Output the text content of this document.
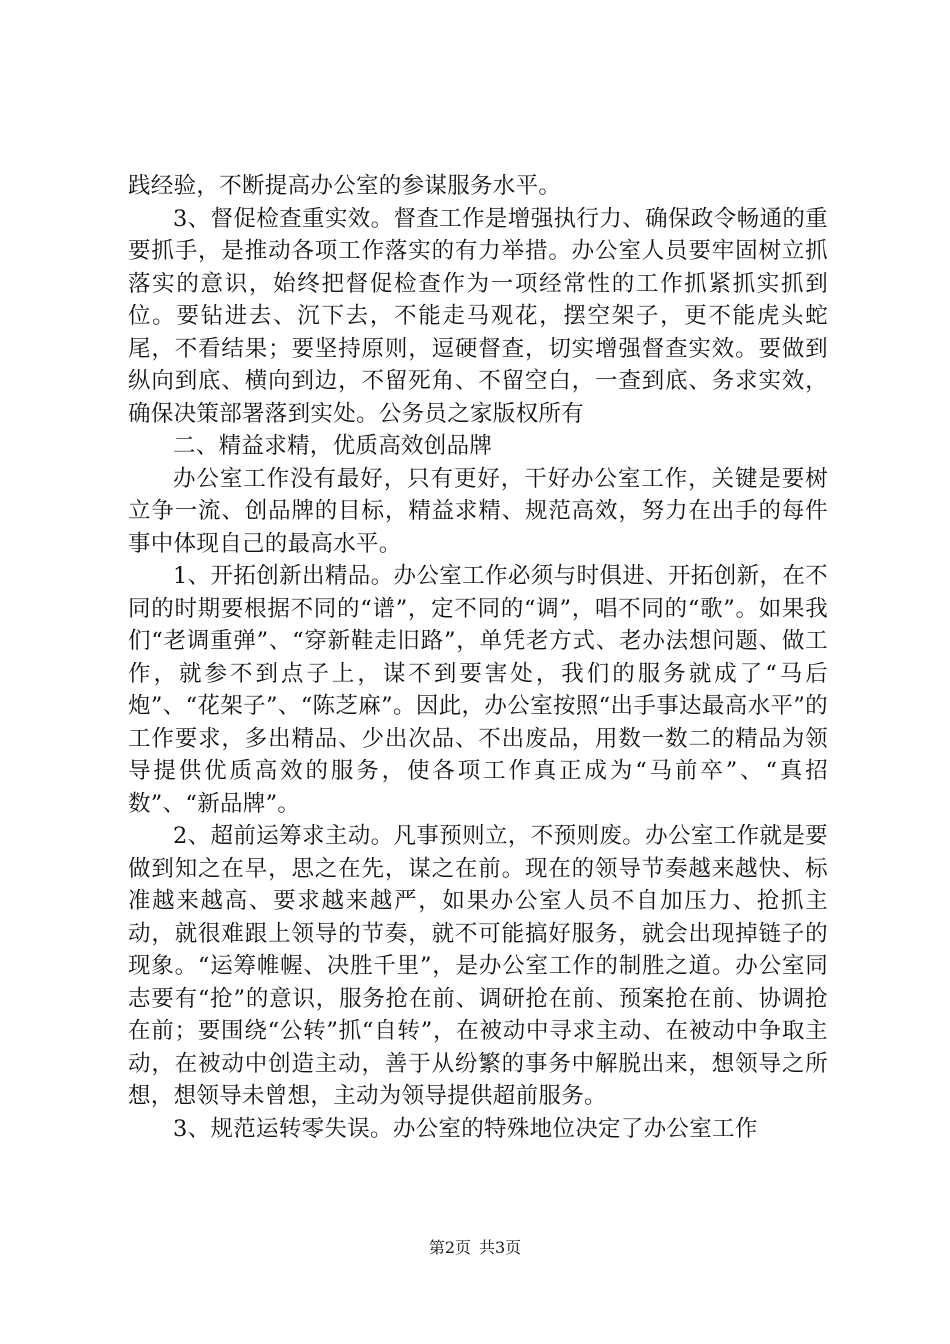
践经验，不断提高办公室的参谋服务水平。

3、督促检查重实效。督查工作是增强执行力、确保政令畅通的重要抓手，是推动各项工作落实的有力举措。办公室人员要牢固树立抓落实的意识，始终把督促检查作为一项经常性的工作抓紧抓实抓到位。要钻进去、沉下去，不能走马观花，摆空架子，更不能虎头蛇尾，不看结果；要坚持原则，逗硬督查，切实增强督查实效。要做到纵向到底、横向到边，不留死角、不留空白，一查到底、务求实效，确保决策部署落到实处。公务员之家版权所有

二、精益求精，优质高效创品牌

办公室工作没有最好，只有更好，干好办公室工作，关键是要树立争一流、创品牌的目标，精益求精、规范高效，努力在出手的每件事中体现自己的最高水平。

1、开拓创新出精品。办公室工作必须与时俱进、开拓创新，在不同的时期要根据不同的“谱”，定不同的“调”，唱不同的“歌”。如果我们“老调重弹”、“穿新鞋走旧路”，单凭老方式、老办法想问题、做工作，就参不到点子上，谋不到要害处，我们的服务就成了“马后炮”、“花架子”、“陈芝麻”。因此，办公室按照“出手事达最高水平”的工作要求，多出精品、少出次品、不出废品，用数一数二的精品为领导提供优质高效的服务，使各项工作真正成为“马前卒”、“真招数”、“新品牌”。

2、超前运筹求主动。凡事预则立，不预则废。办公室工作就是要做到知之在早，思之在先，谋之在前。现在的领导节奏越来越快、标准越来越高、要求越来越严，如果办公室人员不自加压力、抢抓主动，就很难跟上领导的节奏，就不可能搞好服务，就会出现掉链子的现象。“运筹帷幄、决胜千里”，是办公室工作的制胜之道。办公室同志要有“抢”的意识，服务抢在前、调研抢在前、预案抢在前、协调抢在前；要围绕“公转”抓“自转”，在被动中寻求主动、在被动中争取主动，在被动中创造主动，善于从纷繁的事务中解脱出来，想领导之所想，想领导未曾想，主动为领导提供超前服务。

3、规范运转零失误。办公室的特殊地位决定了办公室工作

第2页 共3页
